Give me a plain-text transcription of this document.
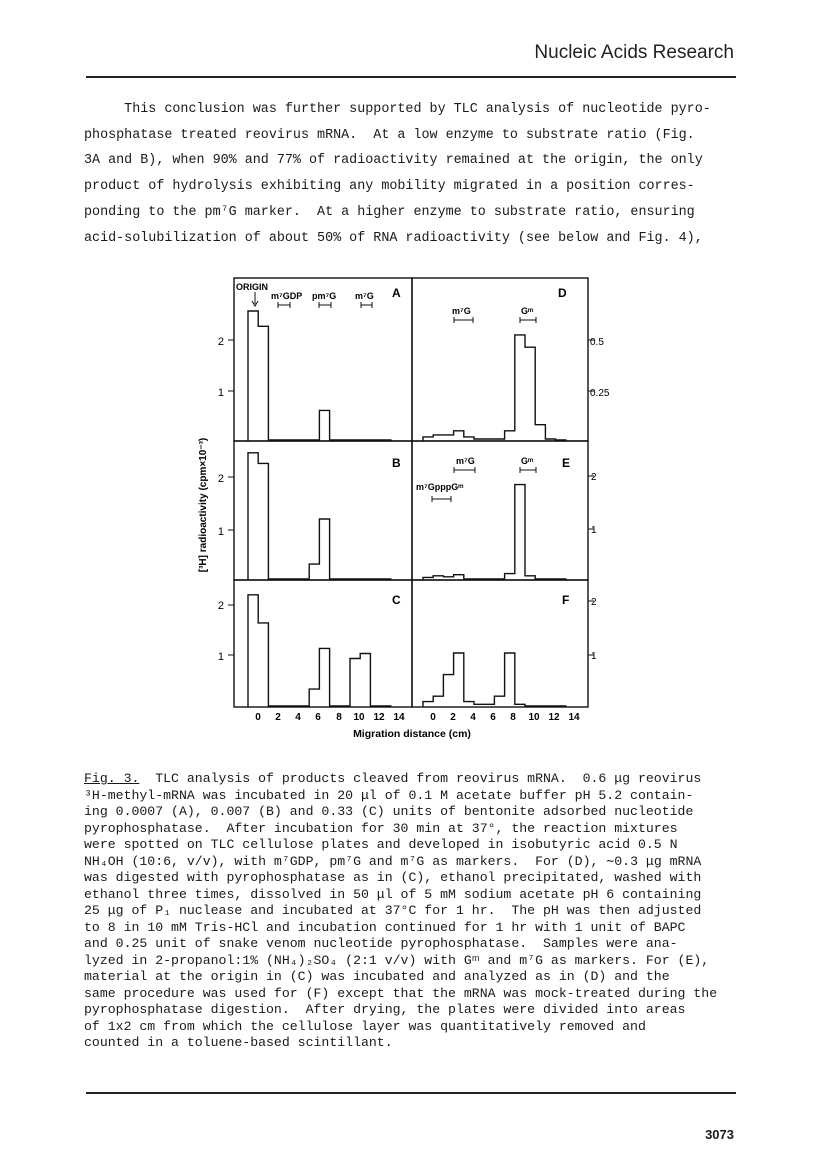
Nucleic Acids Research
This conclusion was further supported by TLC analysis of nucleotide pyro-
phosphatase treated reovirus mRNA.  At a low enzyme to substrate ratio (Fig.
3A and B), when 90% and 77% of radioactivity remained at the origin, the only
product of hydrolysis exhibiting any mobility migrated in a position corres-
ponding to the pm⁷G marker.  At a higher enzyme to substrate ratio, ensuring
acid-solubilization of about 50% of RNA radioactivity (see below and Fig. 4),
A
B
C
D
E
F
2
1
2
1
2
1
0.5
0.25
2
1
2
1
ORIGIN
m⁷GDP pm⁷G m⁷G
m⁷G	Gᵐ
m⁷G	Gᵐ
m⁷GpppGᵐ
0 2 4 6 8 10 12 14	0 2 4 6 8 10 12 14
Migration distance (cm)
[³H] radioactivity (cpm×10⁻³)
Fig. 3.  TLC analysis of products cleaved from reovirus mRNA.  0.6 μg reovirus
³H-methyl-mRNA was incubated in 20 μl of 0.1 M acetate buffer pH 5.2 contain-
ing 0.0007 (A), 0.007 (B) and 0.33 (C) units of bentonite adsorbed nucleotide
pyrophosphatase.  After incubation for 30 min at 37°, the reaction mixtures
were spotted on TLC cellulose plates and developed in isobutyric acid 0.5 N
NH₄OH (10:6, v/v), with m⁷GDP, pm⁷G and m⁷G as markers.  For (D), ∼0.3 μg mRNA
was digested with pyrophosphatase as in (C), ethanol precipitated, washed with
ethanol three times, dissolved in 50 μl of 5 mM sodium acetate pH 6 containing
25 μg of P₁ nuclease and incubated at 37°C for 1 hr.  The pH was then adjusted
to 8 in 10 mM Tris-HCl and incubation continued for 1 hr with 1 unit of BAPC
and 0.25 unit of snake venom nucleotide pyrophosphatase.  Samples were ana-
lyzed in 2-propanol:1% (NH₄)₂SO₄ (2:1 v/v) with Gᵐ and m⁷G as markers. For (E),
material at the origin in (C) was incubated and analyzed as in (D) and the
same procedure was used for (F) except that the mRNA was mock-treated during the
pyrophosphatase digestion.  After drying, the plates were divided into areas
of 1x2 cm from which the cellulose layer was quantitatively removed and
counted in a toluene-based scintillant.
3073
